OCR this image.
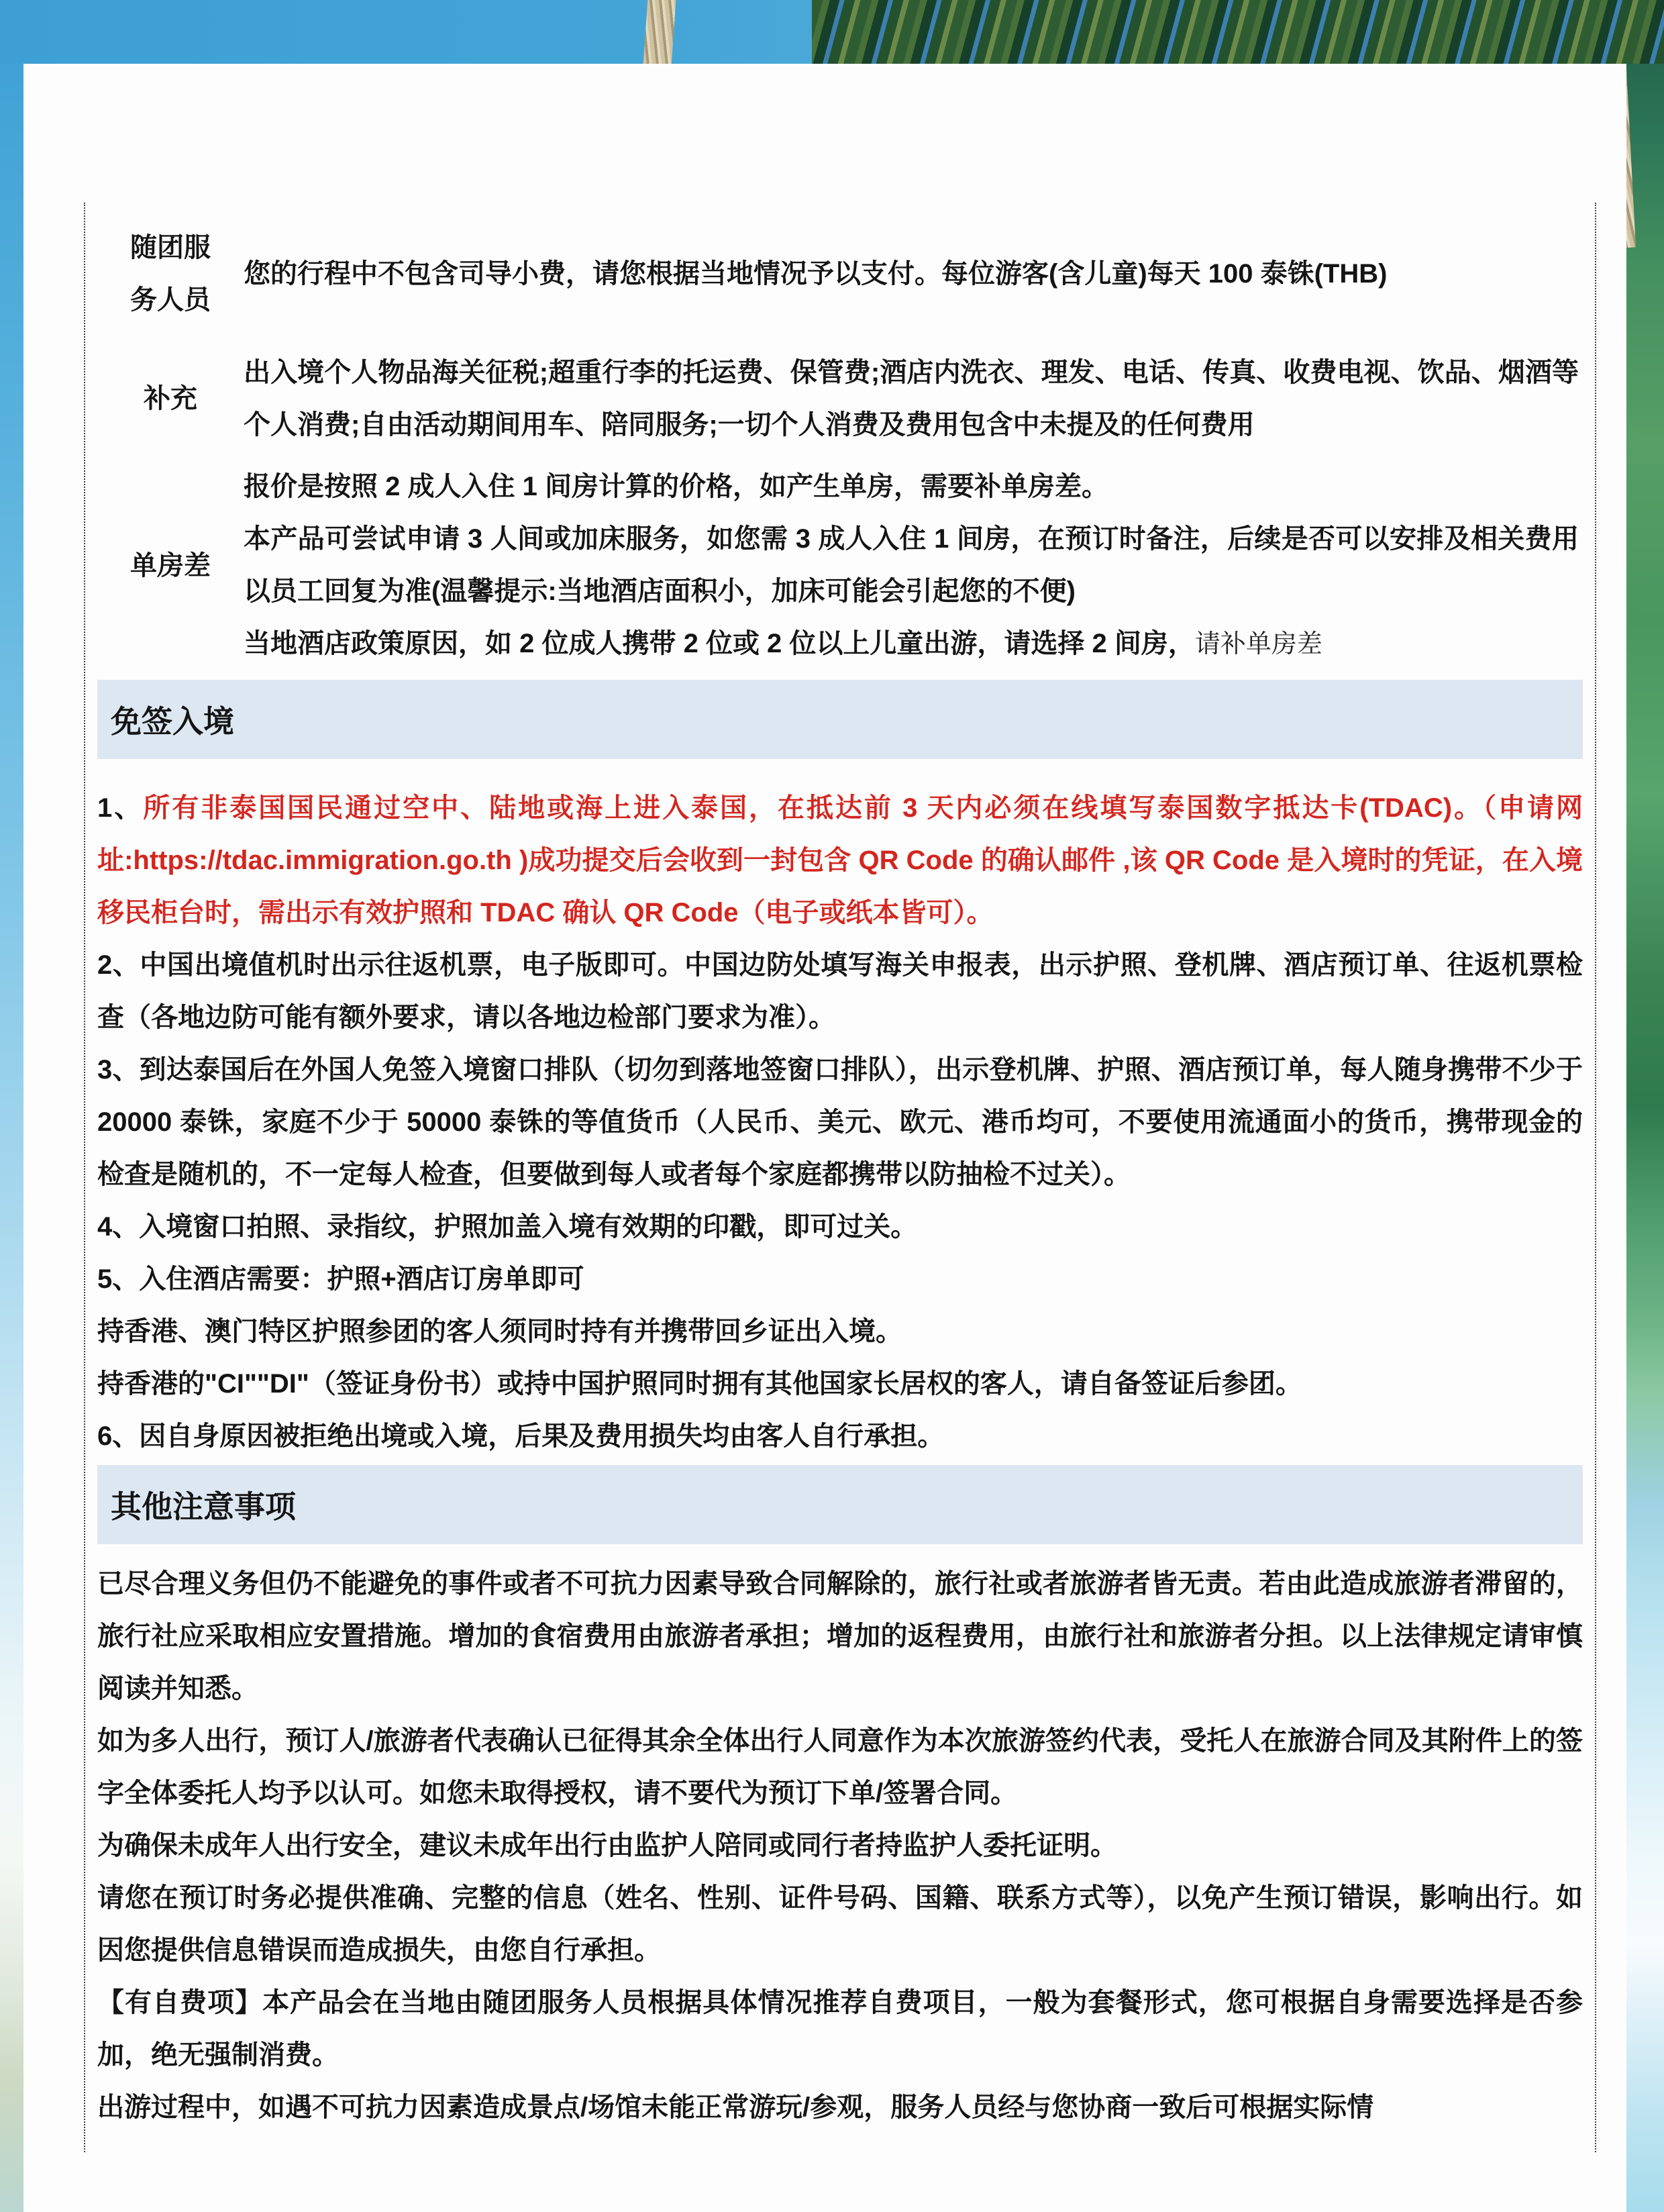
随团服务人员
您的行程中不包含司导小费，请您根据当地情况予以支付。每位游客(含儿童)每天 100 泰铢(THB)
补充
出入境个人物品海关征税;超重行李的托运费、保管费;酒店内洗衣、理发、电话、传真、收费电视、饮品、烟酒等个人消费;自由活动期间用车、陪同服务;一切个人消费及费用包含中未提及的任何费用
单房差
报价是按照 2 成人入住 1 间房计算的价格，如产生单房，需要补单房差。
本产品可尝试申请 3 人间或加床服务，如您需 3 成人入住 1 间房，在预订时备注，后续是否可以安排及相关费用以员工回复为准(温馨提示:当地酒店面积小，加床可能会引起您的不便)
当地酒店政策原因，如 2 位成人携带 2 位或 2 位以上儿童出游，请选择 2 间房，请补单房差
免签入境
1、所有非泰国国民通过空中、陆地或海上进入泰国，在抵达前 3 天内必须在线填写泰国数字抵达卡(TDAC)。（申请网址:https://tdac.immigration.go.th )成功提交后会收到一封包含 QR Code 的确认邮件 ,该 QR Code 是入境时的凭证，在入境移民柜台时，需出示有效护照和 TDAC 确认 QR Code（电子或纸本皆可）。
2、中国出境值机时出示往返机票，电子版即可。中国边防处填写海关申报表，出示护照、登机牌、酒店预订单、往返机票检查（各地边防可能有额外要求，请以各地边检部门要求为准）。
3、到达泰国后在外国人免签入境窗口排队（切勿到落地签窗口排队），出示登机牌、护照、酒店预订单，每人随身携带不少于 20000 泰铢，家庭不少于 50000 泰铢的等值货币（人民币、美元、欧元、港币均可，不要使用流通面小的货币，携带现金的检查是随机的，不一定每人检查，但要做到每人或者每个家庭都携带以防抽检不过关）。
4、入境窗口拍照、录指纹，护照加盖入境有效期的印戳，即可过关。
5、入住酒店需要：护照+酒店订房单即可
持香港、澳门特区护照参团的客人须同时持有并携带回乡证出入境。
持香港的"CI""DI"（签证身份书）或持中国护照同时拥有其他国家长居权的客人，请自备签证后参团。
6、因自身原因被拒绝出境或入境，后果及费用损失均由客人自行承担。
其他注意事项
已尽合理义务但仍不能避免的事件或者不可抗力因素导致合同解除的，旅行社或者旅游者皆无责。若由此造成旅游者滞留的，旅行社应采取相应安置措施。增加的食宿费用由旅游者承担；增加的返程费用，由旅行社和旅游者分担。以上法律规定请审慎阅读并知悉。
如为多人出行，预订人/旅游者代表确认已征得其余全体出行人同意作为本次旅游签约代表，受托人在旅游合同及其附件上的签字全体委托人均予以认可。如您未取得授权，请不要代为预订下单/签署合同。
为确保未成年人出行安全，建议未成年出行由监护人陪同或同行者持监护人委托证明。
请您在预订时务必提供准确、完整的信息（姓名、性别、证件号码、国籍、联系方式等），以免产生预订错误，影响出行。如因您提供信息错误而造成损失，由您自行承担。
【有自费项】本产品会在当地由随团服务人员根据具体情况推荐自费项目，一般为套餐形式，您可根据自身需要选择是否参加，绝无强制消费。
出游过程中，如遇不可抗力因素造成景点/场馆未能正常游玩/参观，服务人员经与您协商一致后可根据实际情
